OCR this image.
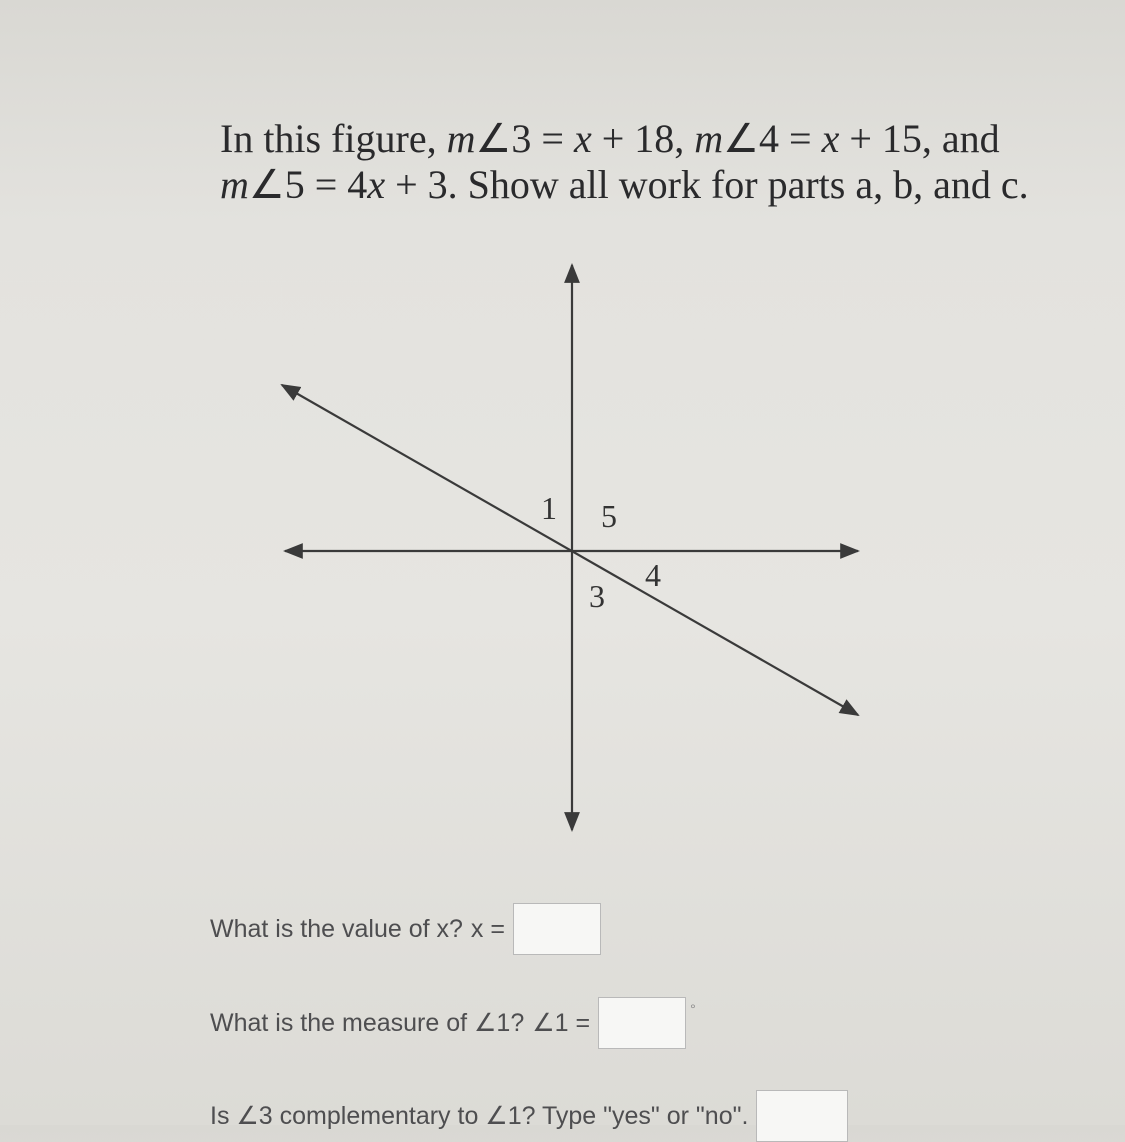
In this figure, m∠3 = x + 18, m∠4 = x + 15, and
m∠5 = 4x + 3. Show all work for parts a, b, and c.
1 5
4
3
What is the value of x? x =
What is the measure of ∠1? ∠1 =	°
Is ∠3 complementary to ∠1? Type "yes" or "no".
